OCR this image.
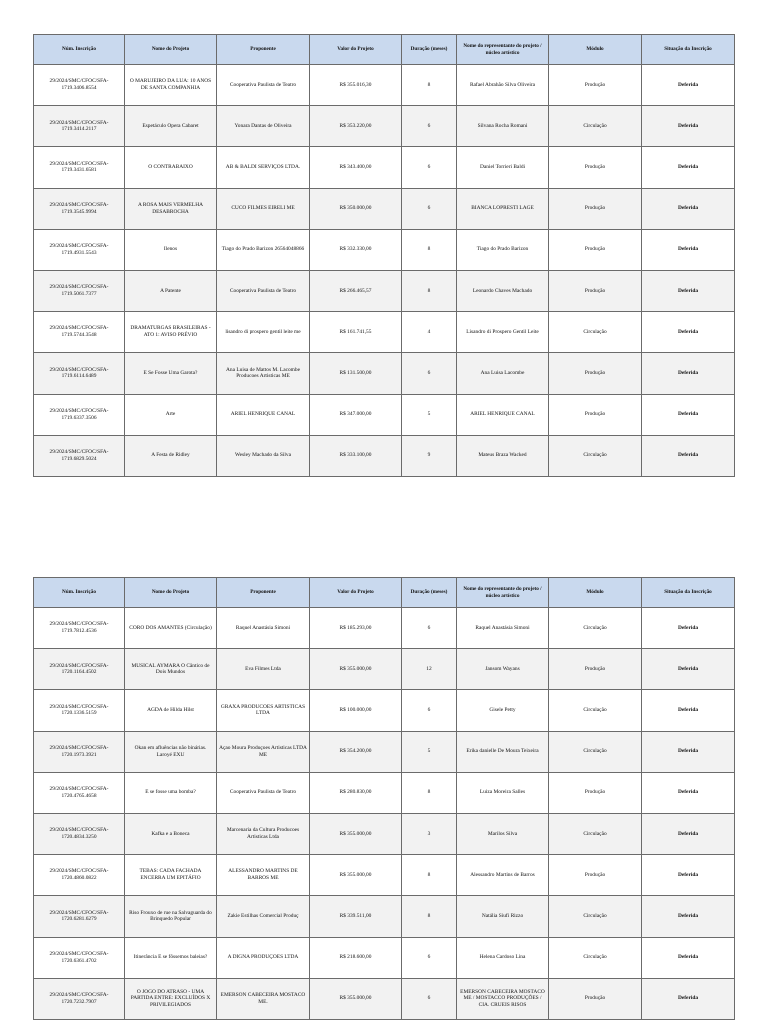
Núm. Inscrição	Nome do Projeto	Proponente	Valor do Projeto	Duração (meses)	Nome do representante do projeto / núcleo artístico	Módulo	Situação da Inscrição
29/2024/SMC/CFOC/SFA-1719.3406.8554	O MARUJEIRO DA LUA: 10 ANOS DE SANTA COMPANHIA	Cooperativa Paulista de Teatro	R$ 355.016,30	8	Rafael Abrahão Silva Oliveira	Produção	Deferida
29/2024/SMC/CFOC/SFA-1719.3414.2117	Espetáculo Opera Cabaret	Yonara Dantas de Oliveira	R$ 353.220,00	6	Silvana Rocha Romani	Circulação	Deferida
29/2024/SMC/CFOC/SFA-1719.3431.6581	O CONTRABAIXO	AB & BALDI SERVIÇOS LTDA.	R$ 343.400,00	6	Daniel Torrieri Baldi	Produção	Deferida
29/2024/SMC/CFOC/SFA-1719.3545.9994	A ROSA MAIS VERMELHA DESABROCHA	CUCO FILMES EIRELI ME	R$ 350.000,00	6	BIANCA LOPRESTI LAGE	Produção	Deferida
29/2024/SMC/CFOC/SFA-1719.4931.5543	Ilenos	Tiago do Prado Barizon 26564048866	R$ 332.330,00	8	Tiago do Prado Barizon	Produção	Deferida
29/2024/SMC/CFOC/SFA-1719.5061.7377	A Patente	Cooperativa Paulista de Teatro	R$ 266.465,57	8	Leonardo Chaves Machado	Produção	Deferida
29/2024/SMC/CFOC/SFA-1719.5744.3548	DRAMATURGAS BRASILEIRAS - ATO 1: AVISO PRÉVIO	lisandro di prospero gentil leite me	R$ 161.741,55	4	Lisandro di Prospero Gentil Leite	Circulação	Deferida
29/2024/SMC/CFOC/SFA-1719.6114.6489	E Se Fosse Uma Garota?	Ana Luisa de Mattos M. Lacombe Producoes Artisticas ME	R$ 131.500,00	6	Ana Luisa Lacombe	Produção	Deferida
29/2024/SMC/CFOC/SFA-1719.6337.3506	Arte	ARIEL HENRIQUE CANAL	R$ 347.000,00	5	ARIEL HENRIQUE CANAL	Produção	Deferida
29/2024/SMC/CFOC/SFA-1719.6829.5024	A Festa de Ridley	Wesley Machado da Silva	R$ 333.100,00	9	Mateus Braza Wacked	Circulação	Deferida
Núm. Inscrição	Nome do Projeto	Proponente	Valor do Projeto	Duração (meses)	Nome do representante do projeto / núcleo artístico	Módulo	Situação da Inscrição
29/2024/SMC/CFOC/SFA-1719.7812.4536	CORO DOS AMANTES (Circulação)	Raquel Anastásia Simoni	R$ 185.293,00	6	Raquel Anastásia Simoni	Circulação	Deferida
29/2024/SMC/CFOC/SFA-1720.1164.4502	MUSICAL AYMARA O Cântico de Dois Mundos	Eva Filmes Ltda	R$ 355.000,00	12	Jansom Wayans	Produção	Deferida
29/2024/SMC/CFOC/SFA-1720.1336.5159	AGDA de Hilda Hilst	GRAXA PRODUCOES ARTISTICAS LTDA	R$ 100.000,00	6	Gisele Petty	Circulação	Deferida
29/2024/SMC/CFOC/SFA-1720.1973.3921	Okan em afluências não binárias. Laroyé EXU	Açao Moura Produçoes Artisticas LTDA ME	R$ 354.200,00	5	Erika danielle De Moura Teixeira	Circulação	Deferida
29/2024/SMC/CFOC/SFA-1720.4765.4658	E se fosse uma bomba?	Cooperativa Paulista de Teatro	R$ 280.830,00	8	Luiza Moreira Salles	Produção	Deferida
29/2024/SMC/CFOC/SFA-1720.4834.3250	Kafka e a Boneca	Marcenaria da Cultura Producoes Artisticas Ltda	R$ 355.000,00	3	Marilos Silva	Circulação	Deferida
29/2024/SMC/CFOC/SFA-1720.4860.0822	TEBAS: CADA FACHADA ENCERRA UM EPITÁFIO	ALESSANDRO MARTINS DE BARROS ME	R$ 355.000,00	8	Alessandro Martins de Barros	Produção	Deferida
29/2024/SMC/CFOC/SFA-1720.6281.6279	Riso Frouxo de rue na Salvaguarda do Brinquedo Popular	Zakie Estilhas Comercial Produç	R$ 339.511,00	8	Natália Siufi Rizzo	Circulação	Deferida
29/2024/SMC/CFOC/SFA-1720.6361.4702	Itinerância E se fôssemos baleias?	A DIGNA PRODUÇOES LTDA	R$ 218.600,00	6	Helena Cardoso Lina	Circulação	Deferida
29/2024/SMC/CFOC/SFA-1720.7232.7907	O JOGO DO ATRASO - UMA PARTIDA ENTRE: EXCLUÍDOS X PRIVILEGIADOS	EMERSON CABECEIRA MOSTACO ME.	R$ 355.000,00	6	EMERSON CABECEIRA MOSTACO ME / MOSTACCO PRODUÇÕES / CIA. CRUEIS RISOS	Produção	Deferida
